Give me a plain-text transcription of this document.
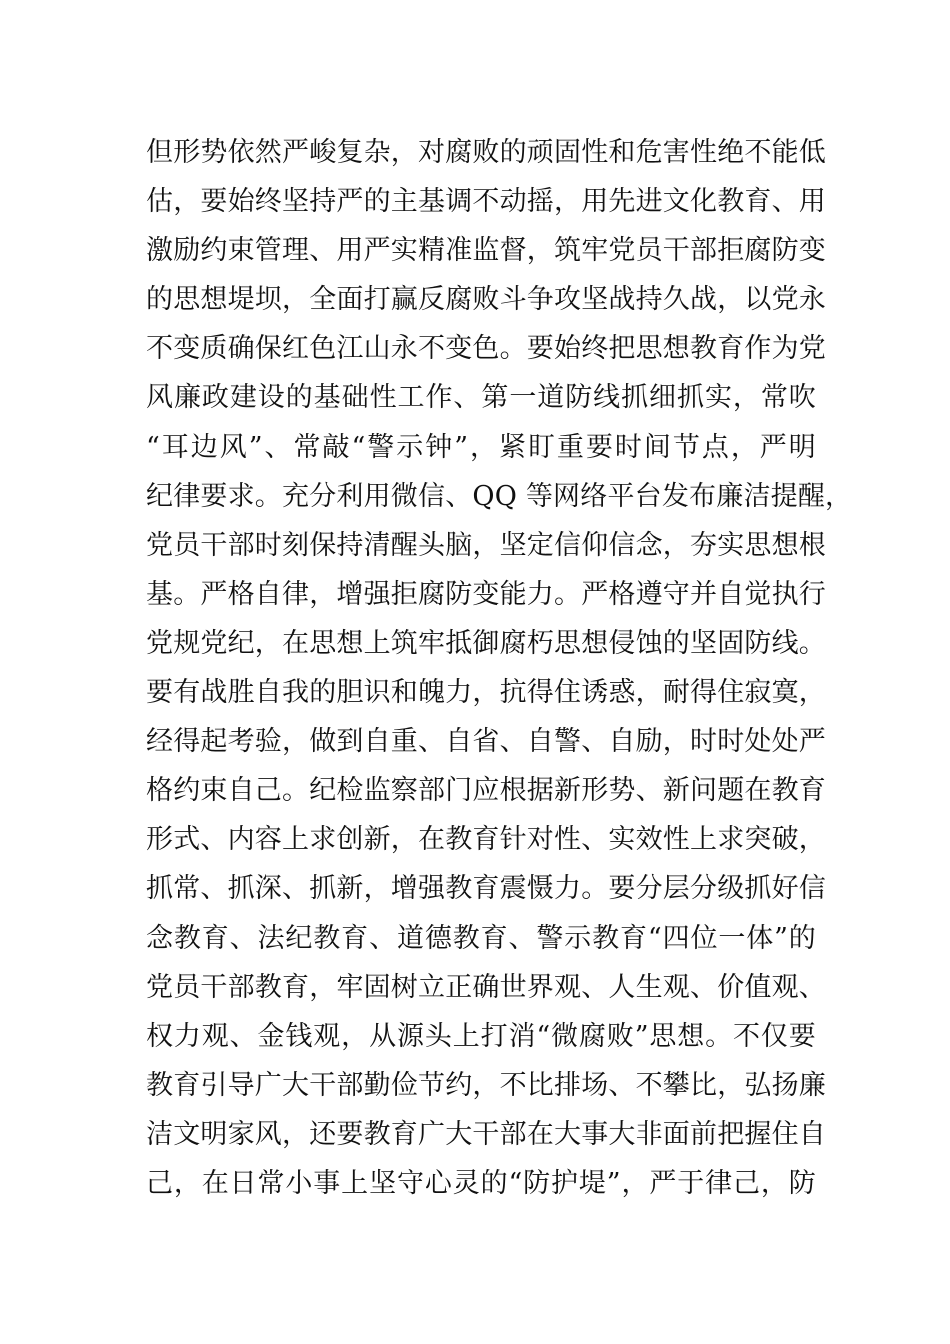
但形势依然严峻复杂，对腐败的顽固性和危害性绝不能低
估，要始终坚持严的主基调不动摇，用先进文化教育、用
激励约束管理、用严实精准监督，筑牢党员干部拒腐防变
的思想堤坝，全面打赢反腐败斗争攻坚战持久战，以党永
不变质确保红色江山永不变色。要始终把思想教育作为党
风廉政建设的基础性工作、第一道防线抓细抓实，常吹
“耳边风”、常敲“警示钟”，紧盯重要时间节点，严明
纪律要求。充分利用微信、QQ 等网络平台发布廉洁提醒，
党员干部时刻保持清醒头脑，坚定信仰信念，夯实思想根
基。严格自律，增强拒腐防变能力。严格遵守并自觉执行
党规党纪，在思想上筑牢抵御腐朽思想侵蚀的坚固防线。
要有战胜自我的胆识和魄力，抗得住诱惑，耐得住寂寞，
经得起考验，做到自重、自省、自警、自励，时时处处严
格约束自己。纪检监察部门应根据新形势、新问题在教育
形式、内容上求创新，在教育针对性、实效性上求突破，
抓常、抓深、抓新，增强教育震慑力。要分层分级抓好信
念教育、法纪教育、道德教育、警示教育“四位一体”的
党员干部教育，牢固树立正确世界观、人生观、价值观、
权力观、金钱观，从源头上打消“微腐败”思想。不仅要
教育引导广大干部勤俭节约，不比排场、不攀比，弘扬廉
洁文明家风，还要教育广大干部在大事大非面前把握住自
己，在日常小事上坚守心灵的“防护堤”，严于律己，防
